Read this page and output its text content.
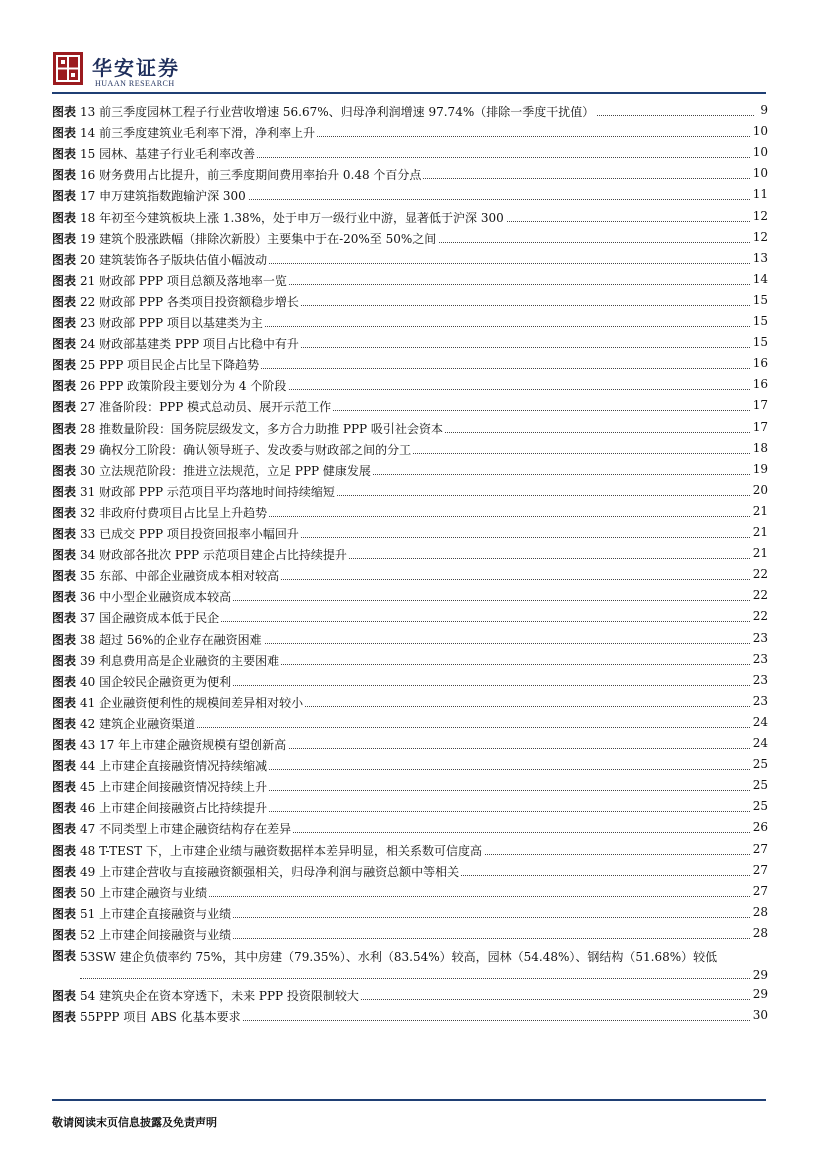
华安证券
HUAAN RESEARCH
图表 13 前三季度园林工程子行业营收增速 56.67%、归母净利润增速 97.74%（排除一季度干扰值）	9
图表 14 前三季度建筑业毛利率下滑，净利率上升	10
图表 15 园林、基建子行业毛利率改善	10
图表 16 财务费用占比提升，前三季度期间费用率抬升 0.48 个百分点	10
图表 17 申万建筑指数跑输沪深 300	11
图表 18 年初至今建筑板块上涨 1.38%，处于申万一级行业中游，显著低于沪深 300	12
图表 19 建筑个股涨跌幅（排除次新股）主要集中于在-20%至 50%之间	12
图表 20 建筑装饰各子版块估值小幅波动	13
图表 21 财政部 PPP 项目总额及落地率一览	14
图表 22 财政部 PPP 各类项目投资额稳步增长	15
图表 23 财政部 PPP 项目以基建类为主	15
图表 24 财政部基建类 PPP 项目占比稳中有升	15
图表 25 PPP 项目民企占比呈下降趋势	16
图表 26 PPP 政策阶段主要划分为 4 个阶段	16
图表 27 准备阶段：PPP 模式总动员、展开示范工作	17
图表 28 推数量阶段：国务院层级发文，多方合力助推 PPP 吸引社会资本	17
图表 29 确权分工阶段：确认领导班子、发改委与财政部之间的分工	18
图表 30 立法规范阶段：推进立法规范，立足 PPP 健康发展	19
图表 31 财政部 PPP 示范项目平均落地时间持续缩短	20
图表 32 非政府付费项目占比呈上升趋势	21
图表 33 已成交 PPP 项目投资回报率小幅回升	21
图表 34 财政部各批次 PPP 示范项目建企占比持续提升	21
图表 35 东部、中部企业融资成本相对较高	22
图表 36 中小型企业融资成本较高	22
图表 37 国企融资成本低于民企	22
图表 38 超过 56%的企业存在融资困难	23
图表 39 利息费用高是企业融资的主要困难	23
图表 40 国企较民企融资更为便利	23
图表 41 企业融资便利性的规模间差异相对较小	23
图表 42 建筑企业融资渠道	24
图表 43 17 年上市建企融资规模有望创新高	24
图表 44 上市建企直接融资情况持续缩减	25
图表 45 上市建企间接融资情况持续上升	25
图表 46 上市建企间接融资占比持续提升	25
图表 47 不同类型上市建企融资结构存在差异	26
图表 48 T-TEST 下，上市建企业绩与融资数据样本差异明显，相关系数可信度高	27
图表 49 上市建企营收与直接融资额强相关，归母净利润与融资总额中等相关	27
图表 50 上市建企融资与业绩	27
图表 51 上市建企直接融资与业绩	28
图表 52 上市建企间接融资与业绩	28
图表 53SW 建企负债率约 75%，其中房建（79.35%）、水利（83.54%）较高，园林（54.48%）、钢结构（51.68%）较低
29
图表 54 建筑央企在资本穿透下，未来 PPP 投资限制较大	29
图表 55PPP 项目 ABS 化基本要求	30
敬请阅读末页信息披露及免责声明
